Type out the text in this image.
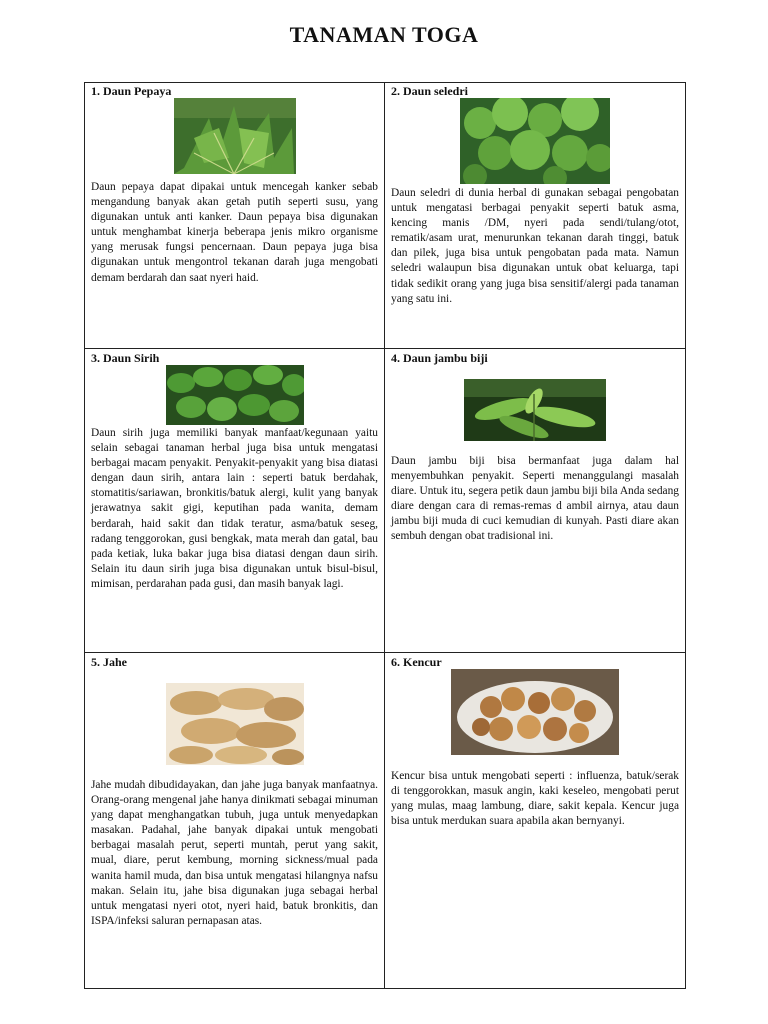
TANAMAN TOGA
1. Daun Pepaya

Daun pepaya dapat dipakai untuk mencegah kanker sebab mengandung banyak akan getah putih seperti susu, yang digunakan untuk anti kanker. Daun pepaya bisa digunakan untuk menghambat kinerja beberapa jenis mikro organisme yang merusak fungsi pencernaan. Daun pepaya juga bisa digunakan untuk mengontrol tekanan darah juga mengobati demam berdarah dan saat nyeri haid.

2. Daun seledri

Daun seledri di dunia herbal di gunakan sebagai pengobatan untuk mengatasi berbagai penyakit seperti batuk asma, kencing manis /DM, nyeri pada sendi/tulang/otot, rematik/asam urat, menurunkan tekanan darah tinggi, batuk dan pilek, juga bisa untuk pengobatan pada mata. Namun seledri walaupun bisa digunakan untuk obat keluarga, tapi tidak sedikit orang yang juga bisa sensitif/alergi pada tanaman yang satu ini.

3. Daun Sirih

Daun sirih juga memiliki banyak manfaat/kegunaan yaitu selain sebagai tanaman herbal juga bisa untuk mengatasi berbagai macam penyakit. Penyakit-penyakit yang bisa diatasi dengan daun sirih, antara lain : seperti batuk berdahak, stomatitis/sariawan, bronkitis/batuk alergi, kulit yang banyak jerawatnya sakit gigi, keputihan pada wanita, demam berdarah, haid sakit dan tidak teratur, asma/batuk seseg, radang tenggorokan, gusi bengkak, mata merah dan gatal, bau pada ketiak, luka bakar juga bisa diatasi dengan daun sirih. Selain itu daun sirih juga bisa digunakan untuk bisul-bisul, mimisan, perdarahan pada gusi, dan masih banyak lagi.

4. Daun jambu biji

Daun jambu biji bisa bermanfaat juga dalam hal menyembuhkan penyakit. Seperti menanggulangi masalah diare. Untuk itu, segera petik daun jambu biji bila Anda sedang diare dengan cara di remas-remas d ambil airnya, atau daun jambu biji muda di cuci kemudian di kunyah. Pasti diare akan sembuh dengan obat tradisional ini.

5. Jahe

Jahe mudah dibudidayakan, dan jahe juga banyak manfaatnya. Orang-orang mengenal jahe hanya dinikmati sebagai minuman yang dapat menghangatkan tubuh, juga untuk menyedapkan masakan. Padahal, jahe banyak dipakai untuk mengobati berbagai masalah perut, seperti muntah, perut yang sakit, mual, diare, perut kembung, morning sickness/mual pada wanita hamil muda, dan bisa untuk mengatasi hilangnya nafsu makan. Selain itu, jahe bisa digunakan juga sebagai herbal untuk mengatasi nyeri otot, nyeri haid, batuk bronkitis, dan ISPA/infeksi saluran pernapasan atas.

6. Kencur

Kencur bisa untuk mengobati seperti : influenza, batuk/serak di tenggorokkan, masuk angin, kaki keseleo, mengobati perut yang mulas, maag lambung, diare, sakit kepala. Kencur juga bisa untuk merdukan suara apabila akan bernyanyi.
